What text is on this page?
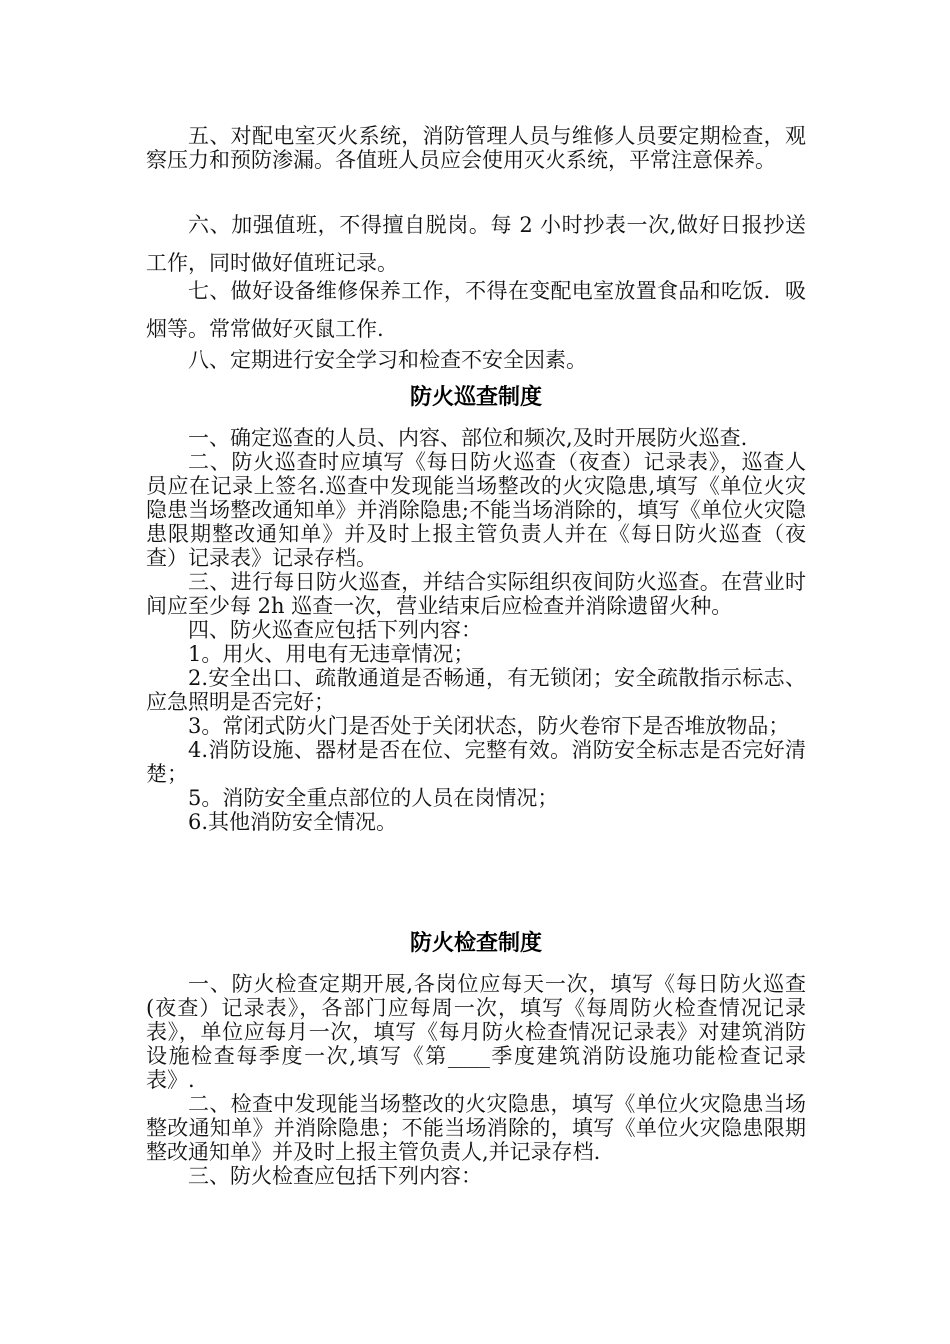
五、对配电室灭火系统，消防管理人员与维修人员要定期检查，观察压力和预防渗漏。各值班人员应会使用灭火系统，平常注意保养。

六、加强值班，不得擅自脱岗。每 2 小时抄表一次,做好日报抄送工作，同时做好值班记录。

七、做好设备维修保养工作，不得在变配电室放置食品和吃饭．吸烟等。常常做好灭鼠工作.

八、定期进行安全学习和检查不安全因素。

防火巡查制度

一、确定巡查的人员、内容、部位和频次,及时开展防火巡查.

二、防火巡查时应填写《每日防火巡查（夜查）记录表》，巡查人员应在记录上签名.巡查中发现能当场整改的火灾隐患,填写《单位火灾隐患当场整改通知单》并消除隐患;不能当场消除的，填写《单位火灾隐患限期整改通知单》并及时上报主管负责人并在《每日防火巡查（夜查）记录表》记录存档。

三、进行每日防火巡查，并结合实际组织夜间防火巡查。在营业时间应至少每 2h 巡查一次，营业结束后应检查并消除遗留火种。

四、防火巡查应包括下列内容：

1。用火、用电有无违章情况；

2.安全出口、疏散通道是否畅通，有无锁闭；安全疏散指示标志、应急照明是否完好；

3。常闭式防火门是否处于关闭状态，防火卷帘下是否堆放物品；

4.消防设施、器材是否在位、完整有效。消防安全标志是否完好清楚；

5。消防安全重点部位的人员在岗情况；

6.其他消防安全情况。

防火检查制度

一、防火检查定期开展,各岗位应每天一次，填写《每日防火巡查(夜查）记录表》，各部门应每周一次，填写《每周防火检查情况记录表》，单位应每月一次，填写《每月防火检查情况记录表》对建筑消防设施检查每季度一次,填写《第____季度建筑消防设施功能检查记录表》.

二、检查中发现能当场整改的火灾隐患，填写《单位火灾隐患当场整改通知单》并消除隐患；不能当场消除的，填写《单位火灾隐患限期整改通知单》并及时上报主管负责人,并记录存档.

三、防火检查应包括下列内容：
